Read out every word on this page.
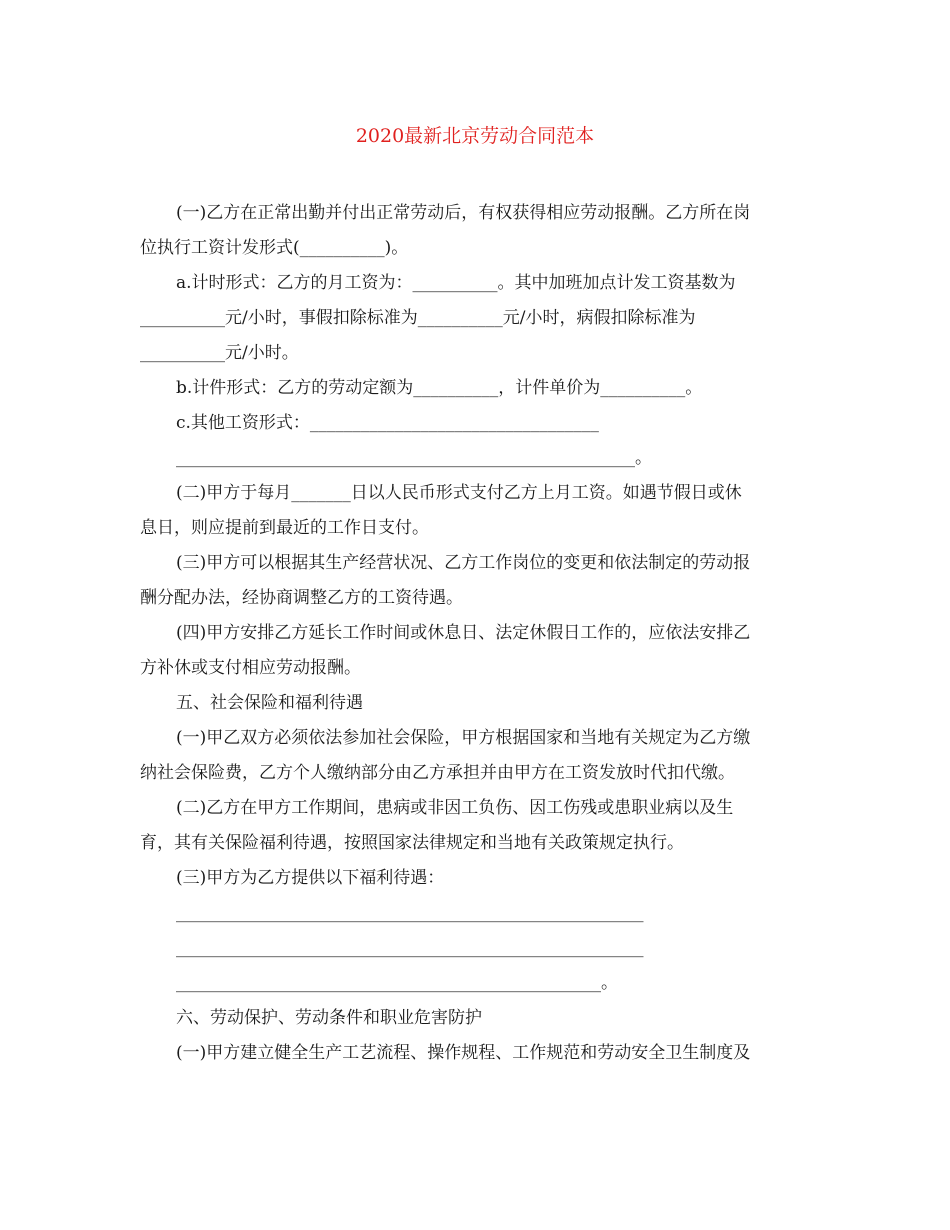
2020最新北京劳动合同范本
(一)乙方在正常出勤并付出正常劳动后，有权获得相应劳动报酬。乙方所在岗
位执行工资计发形式(__________)。
a.计时形式：乙方的月工资为：__________。其中加班加点计发工资基数为
__________元/小时，事假扣除标准为__________元/小时，病假扣除标准为
__________元/小时。
b.计件形式：乙方的劳动定额为__________，计件单价为__________。
c.其他工资形式：__________________________________
______________________________________________________。
(二)甲方于每月_______日以人民币形式支付乙方上月工资。如遇节假日或休
息日，则应提前到最近的工作日支付。
(三)甲方可以根据其生产经营状况、乙方工作岗位的变更和依法制定的劳动报
酬分配办法，经协商调整乙方的工资待遇。
(四)甲方安排乙方延长工作时间或休息日、法定休假日工作的，应依法安排乙
方补休或支付相应劳动报酬。
五、社会保险和福利待遇
(一)甲乙双方必须依法参加社会保险，甲方根据国家和当地有关规定为乙方缴
纳社会保险费，乙方个人缴纳部分由乙方承担并由甲方在工资发放时代扣代缴。
(二)乙方在甲方工作期间，患病或非因工负伤、因工伤残或患职业病以及生
育，其有关保险福利待遇，按照国家法律规定和当地有关政策规定执行。
(三)甲方为乙方提供以下福利待遇：
_______________________________________________________
_______________________________________________________
__________________________________________________。
六、劳动保护、劳动条件和职业危害防护
(一)甲方建立健全生产工艺流程、操作规程、工作规范和劳动安全卫生制度及
